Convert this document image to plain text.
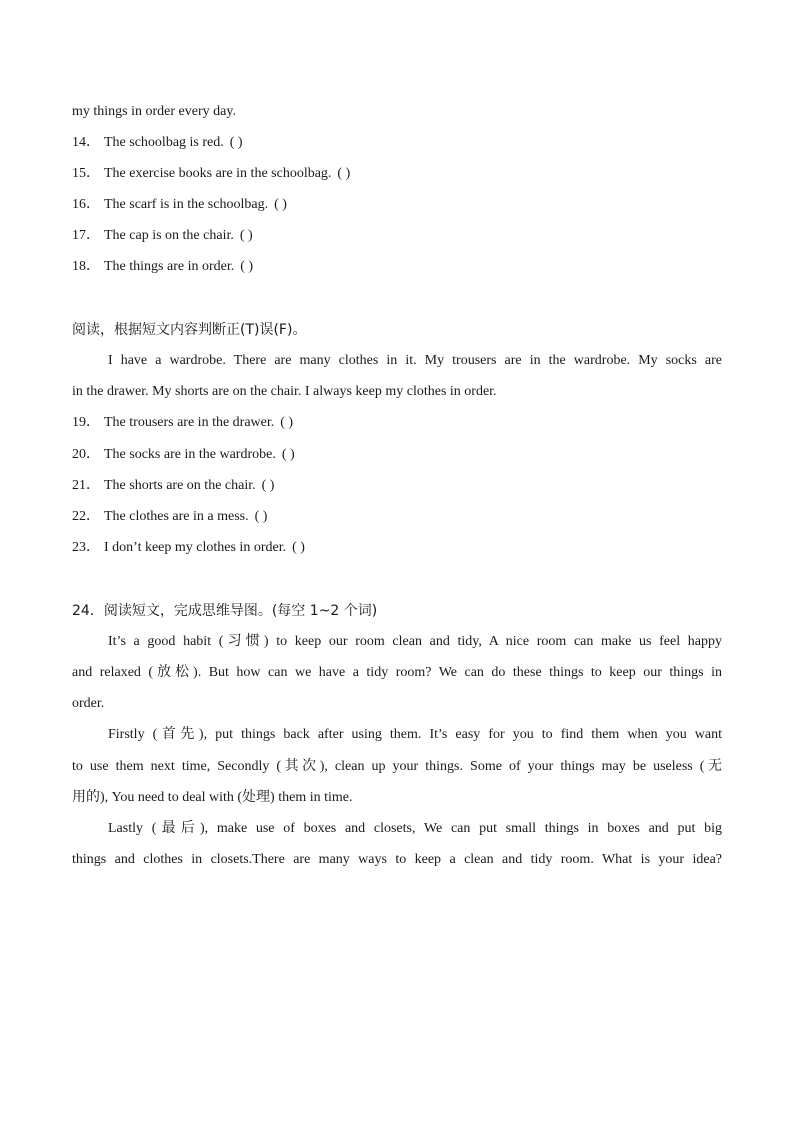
my things in order every day.
14． The schoolbag is red. ( )
15． The exercise books are in the schoolbag. ( )
16． The scarf is in the schoolbag. ( )
17． The cap is on the chair. ( )
18． The things are in order. ( )
阅读，根据短文内容判断正(T)误(F)。
I have a wardrobe. There are many clothes in it. My trousers are in the wardrobe. My socks are
in the drawer. My shorts are on the chair. I always keep my clothes in order.
19． The trousers are in the drawer. ( )
20． The socks are in the wardrobe. ( )
21． The shorts are on the chair. ( )
22． The clothes are in a mess. ( )
23． I don’t keep my clothes in order. ( )
24．阅读短文，完成思维导图。(每空 1~2 个词)
It’s a good habit (习惯) to keep our room clean and tidy, A nice room can make us feel happy
and relaxed (放松). But how can we have a tidy room? We can do these things to keep our things in
order.
Firstly (首先), put things back after using them. It’s easy for you to find them when you want
to use them next time, Secondly (其次), clean up your things. Some of your things may be useless (无
用的), You need to deal with (处理) them in time.
Lastly (最后), make use of boxes and closets, We can put small things in boxes and put big
things and clothes in closets.There are many ways to keep a clean and tidy room. What is your idea?
